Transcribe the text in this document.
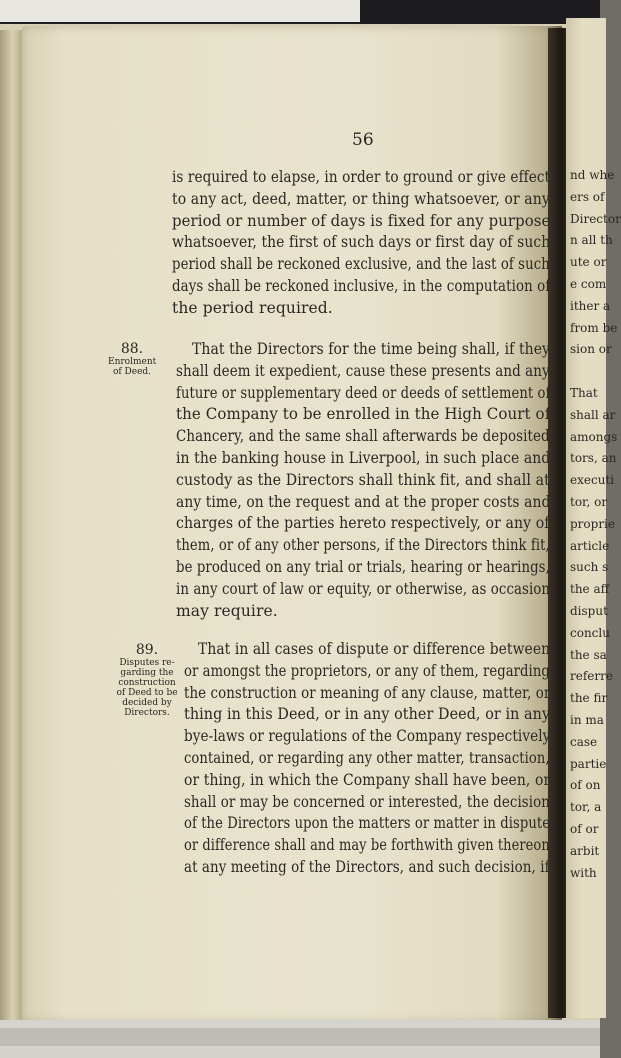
nd whe
ers of
Director
n all th
ute or
e com
ither a
from be
sion or
That
shall ar
amongs
tors, an
executi
tor, or
proprie
article
such s
the aff
disput
conclu
the sa
referre
the fir
in ma
case
partie
of on
tor, a
of or
arbit
with
56
is required to elapse, in order to ground or give effect
to any act, deed, matter, or thing whatsoever, or any
period or number of days is fixed for any purpose
whatsoever, the first of such days or first day of such
period shall be reckoned exclusive, and the last of such
days shall be reckoned inclusive, in the computation of
the period required.
That the Directors for the time being shall, if they
shall deem it expedient, cause these presents and any
future or supplementary deed or deeds of settlement of
the Company to be enrolled in the High Court of
Chancery, and the same shall afterwards be deposited
in the banking house in Liverpool, in such place and
custody as the Directors shall think fit, and shall at
any time, on the request and at the proper costs and
charges of the parties hereto respectively, or any of
them, or of any other persons, if the Directors think fit,
be produced on any trial or trials, hearing or hearings,
in any court of law or equity, or otherwise, as occasion
may require.
That in all cases of dispute or difference between
or amongst the proprietors, or any of them, regarding
the construction or meaning of any clause, matter, or
thing in this Deed, or in any other Deed, or in any
bye-laws or regulations of the Company respectively
contained, or regarding any other matter, transaction,
or thing, in which the Company shall have been, or
shall or may be concerned or interested, the decision
of the Directors upon the matters or matter in dispute
or difference shall and may be forthwith given thereon
at any meeting of the Directors, and such decision, if
88.
Enrolment
of Deed.
89.
Disputes re-
garding the
construction
of Deed to be
decided by
Directors.
